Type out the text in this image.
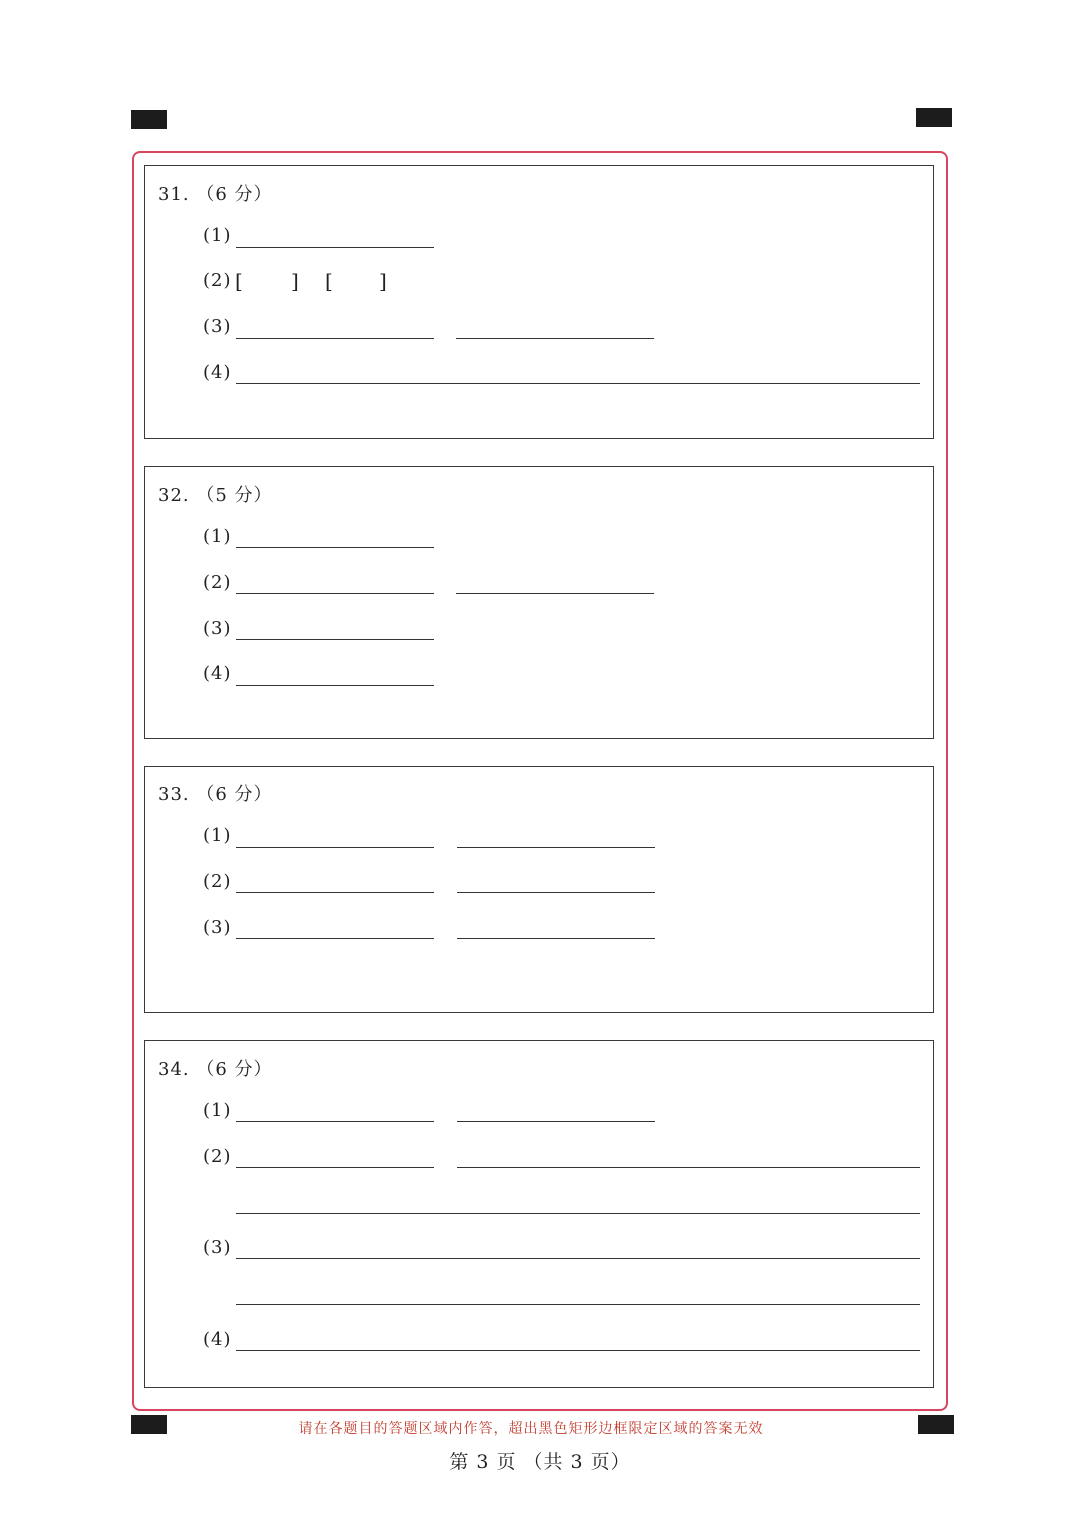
31. （6 分）
(1)
(2) [ ] [ ]
(3)
(4)
32. （5 分）
(1)
(2)
(3)
(4)
33. （6 分）
(1)
(2)
(3)
34. （6 分）
(1)
(2)
(3)
(4)
请在各题目的答题区域内作答，超出黑色矩形边框限定区域的答案无效
第 3 页 （共 3 页）
